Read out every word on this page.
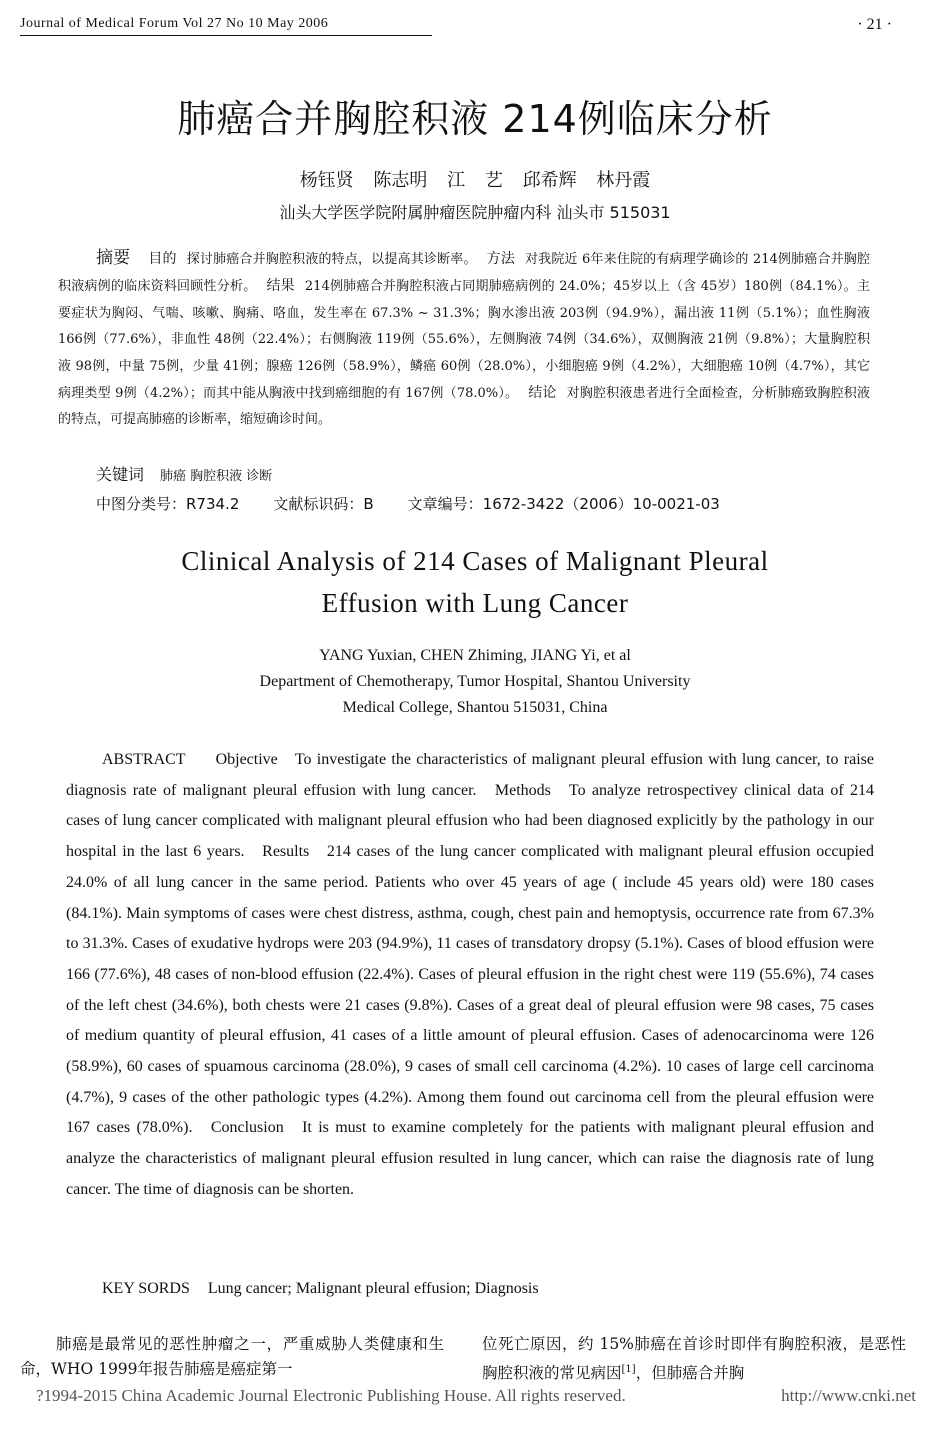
Journal of Medical Forum Vol 27 No 10 May 2006	· 21 ·
肺癌合并胸腔积液 214例临床分析
杨钰贤 陈志明 江 艺 邱希辉 林丹霞
汕头大学医学院附属肿瘤医院肿瘤内科 汕头市 515031
摘要 目的 探讨肺癌合并胸腔积液的特点，以提高其诊断率。 方法 对我院近 6年来住院的有病理学确诊的 214例肺癌合并胸腔积液病例的临床资料回顾性分析。 结果 214例肺癌合并胸腔积液占同期肺癌病例的 24.0%；45岁以上（含 45岁）180例（84.1%）。主要症状为胸闷、气喘、咳嗽、胸痛、咯血，发生率在 67.3% ~ 31.3%；胸水渗出液 203例（94.9%），漏出液 11例（5.1%）；血性胸液 166例（77.6%），非血性 48例（22.4%）；右侧胸液 119例（55.6%），左侧胸液 74例（34.6%），双侧胸液 21例（9.8%）；大量胸腔积液 98例，中量 75例，少量 41例；腺癌 126例（58.9%），鳞癌 60例（28.0%），小细胞癌 9例（4.2%），大细胞癌 10例（4.7%），其它病理类型 9例（4.2%）；而其中能从胸液中找到癌细胞的有 167例（78.0%）。 结论 对胸腔积液患者进行全面检查，分析肺癌致胸腔积液的特点，可提高肺癌的诊断率，缩短确诊时间。
关键词 肺癌 胸腔积液 诊断
中图分类号：R734.2 文献标识码：B 文章编号：1672-3422（2006）10-0021-03
Clinical Analysis of 214 Cases of Malignant Pleural
Effusion with Lung Cancer
YANG Yuxian, CHEN Zhiming, JIANG Yi, et al
Department of Chemotherapy, Tumor Hospital, Shantou University
Medical College, Shantou 515031, China
ABSTRACT Objective To investigate the characteristics of malignant pleural effusion with lung cancer, to raise diagnosis rate of malignant pleural effusion with lung cancer. Methods To analyze retrospectivey clinical data of 214 cases of lung cancer complicated with malignant pleural effusion who had been diagnosed explicitly by the pathology in our hospital in the last 6 years. Results 214 cases of the lung cancer complicated with malignant pleural effusion occupied 24.0% of all lung cancer in the same period. Patients who over 45 years of age ( include 45 years old) were 180 cases (84.1%). Main symptoms of cases were chest distress, asthma, cough, chest pain and hemoptysis, occurrence rate from 67.3% to 31.3%. Cases of exudative hydrops were 203 (94.9%), 11 cases of transdatory dropsy (5.1%). Cases of blood effusion were 166 (77.6%), 48 cases of non-blood effusion (22.4%). Cases of pleural effusion in the right chest were 119 (55.6%), 74 cases of the left chest (34.6%), both chests were 21 cases (9.8%). Cases of a great deal of pleural effusion were 98 cases, 75 cases of medium quantity of pleural effusion, 41 cases of a little amount of pleural effusion. Cases of adenocarcinoma were 126 (58.9%), 60 cases of spuamous carcinoma (28.0%), 9 cases of small cell carcinoma (4.2%). 10 cases of large cell carcinoma (4.7%), 9 cases of the other pathologic types (4.2%). Among them found out carcinoma cell from the pleural effusion were 167 cases (78.0%). Conclusion It is must to examine completely for the patients with malignant pleural effusion and analyze the characteristics of malignant pleural effusion resulted in lung cancer, which can raise the diagnosis rate of lung cancer. The time of diagnosis can be shorten.
KEY SORDS Lung cancer; Malignant pleural effusion; Diagnosis
肺癌是最常见的恶性肿瘤之一，严重威胁人类健康和生命，WHO 1999年报告肺癌是癌症第一
位死亡原因，约 15%肺癌在首诊时即伴有胸腔积液，是恶性胸腔积液的常见病因[1]，但肺癌合并胸
?1994-2015 China Academic Journal Electronic Publishing House. All rights reserved.	http://www.cnki.net
